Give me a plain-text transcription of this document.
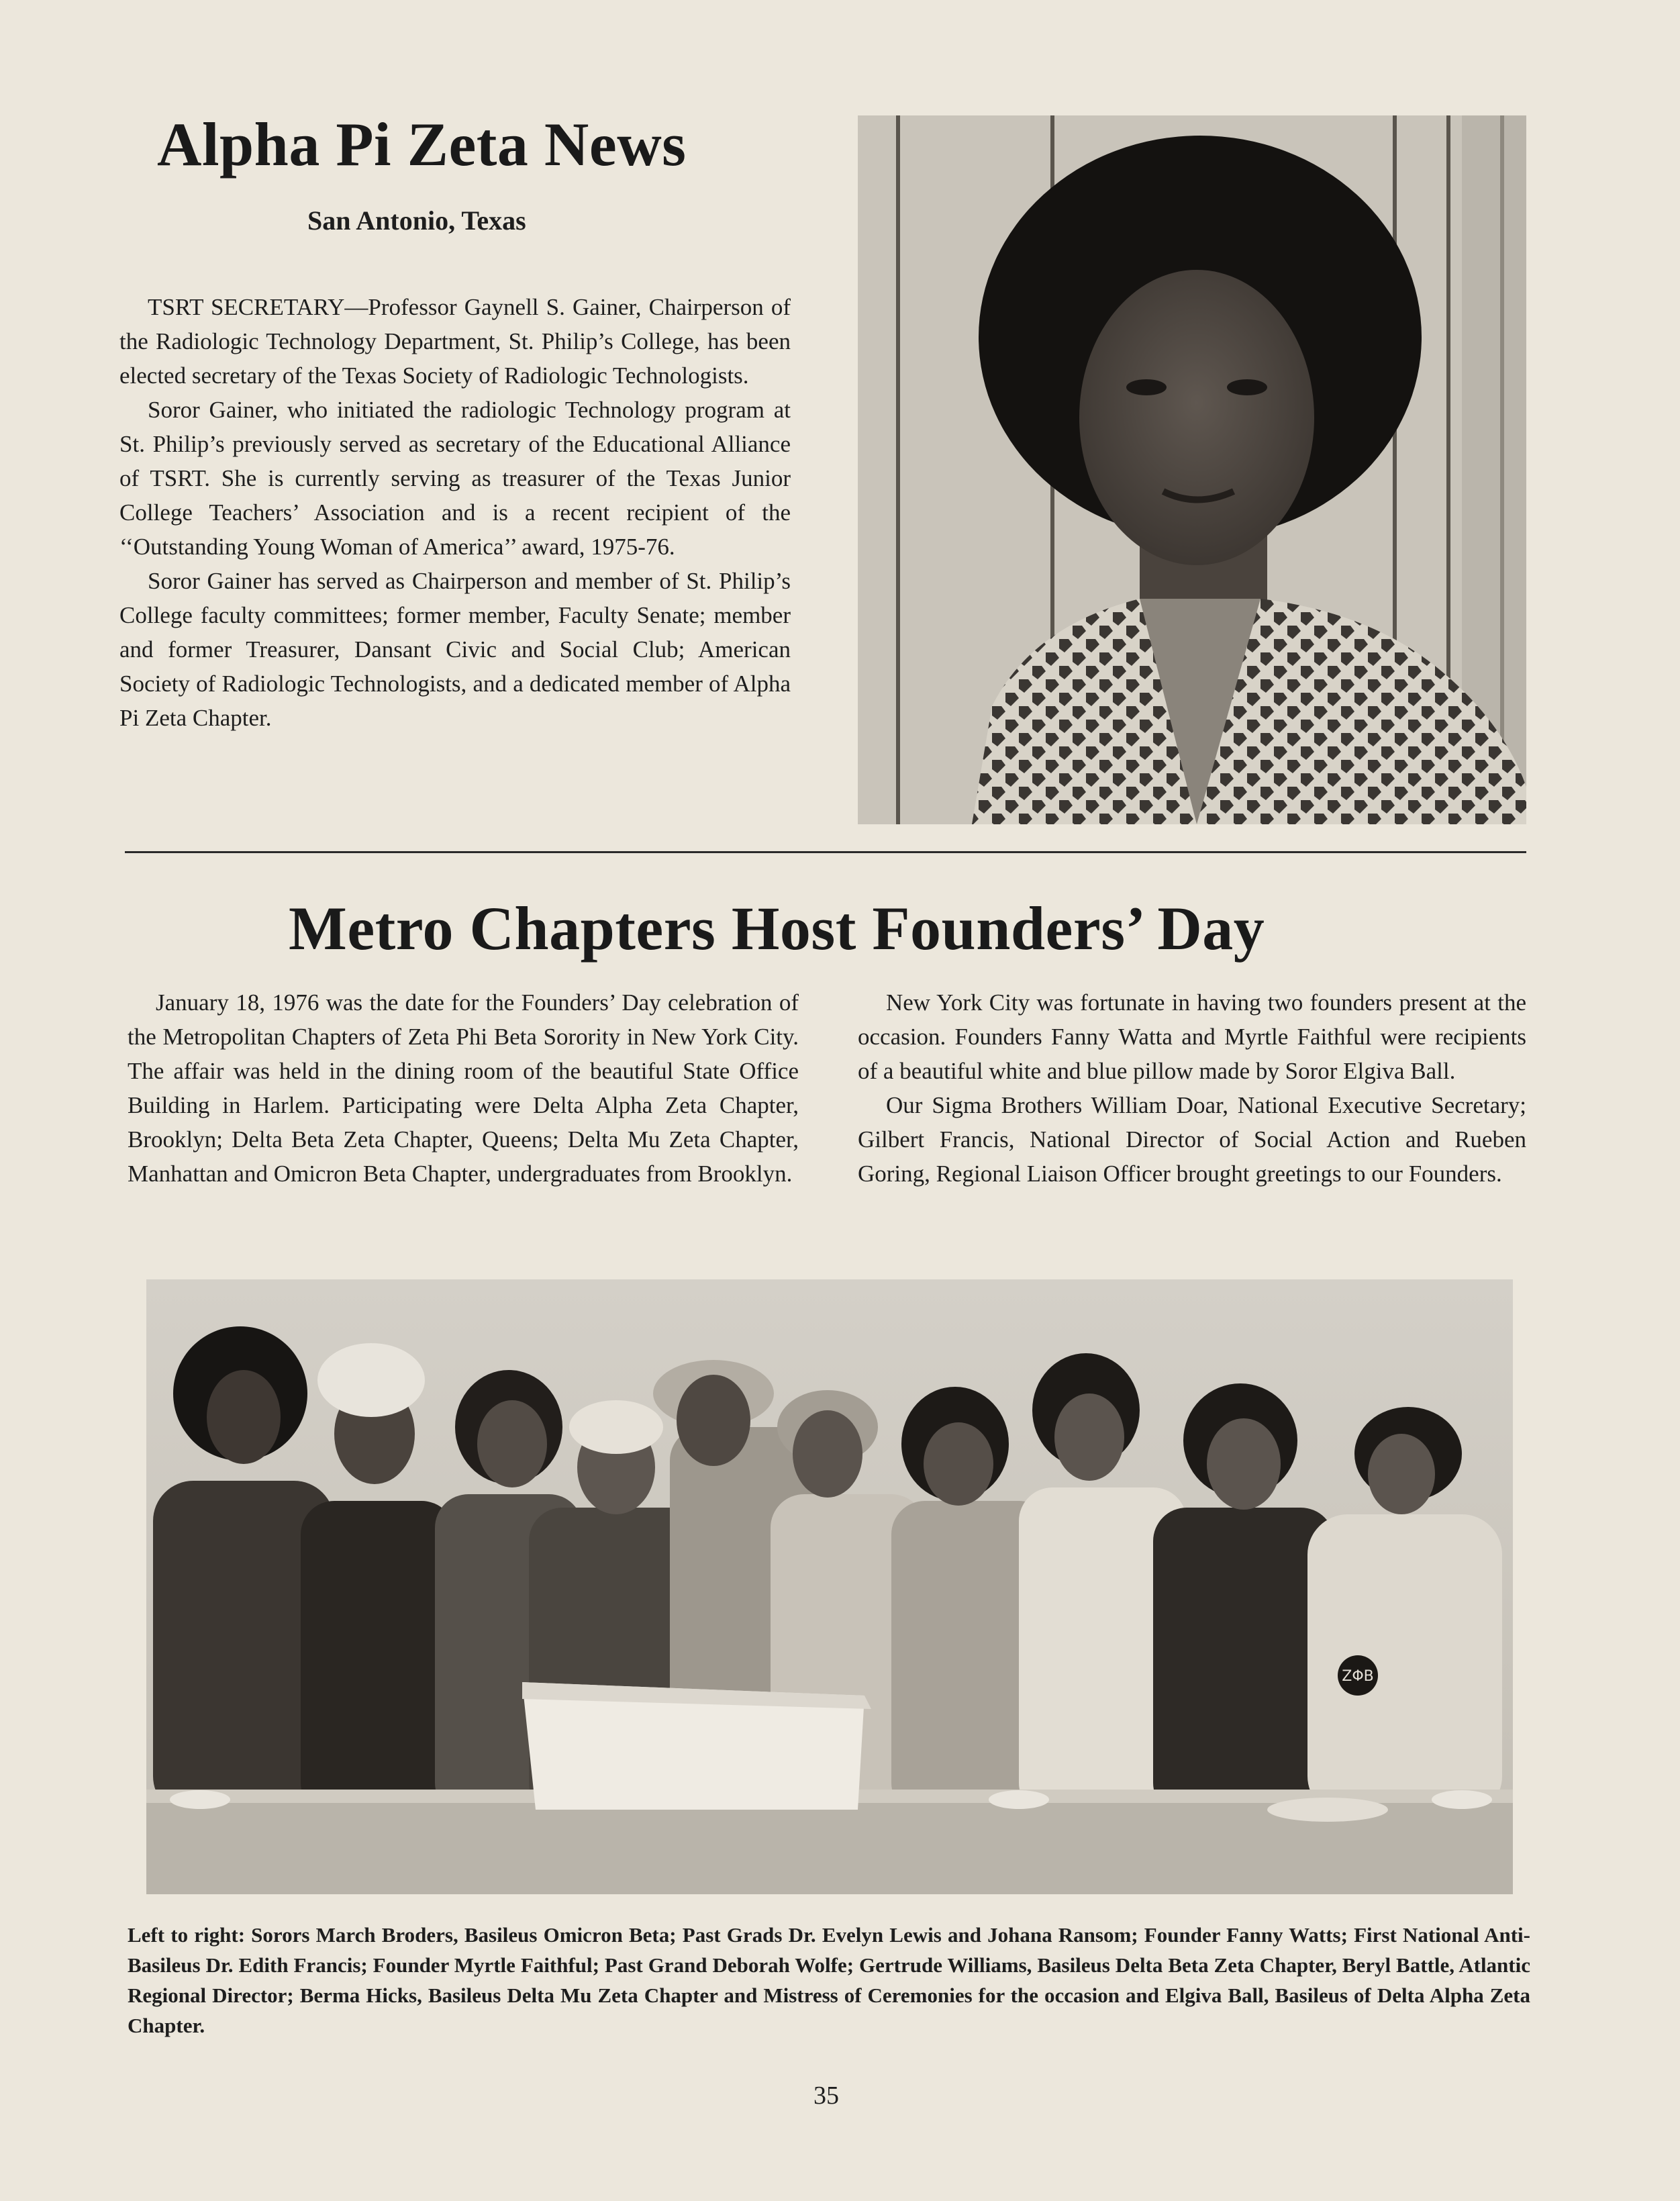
Alpha Pi Zeta News
San Antonio, Texas

TSRT SECRETARY—Professor Gaynell S. Gainer, Chairperson of the Radiologic Technology Department, St. Philip’s College, has been elected secretary of the Texas Society of Radiologic Technologists.

Soror Gainer, who initiated the radiologic Technology program at St. Philip’s previously served as secretary of the Educational Alliance of TSRT. She is currently serving as treasurer of the Texas Junior College Teachers’ Association and is a recent recipient of the ‘‘Outstanding Young Woman of America’’ award, 1975-76.

Soror Gainer has served as Chairperson and member of St. Philip’s College faculty committees; former member, Faculty Senate; member and former Treasurer, Dansant Civic and Social Club; American Society of Radiologic Technologists, and a dedicated member of Alpha Pi Zeta Chapter.

Metro Chapters Host Founders’ Day

January 18, 1976 was the date for the Founders’ Day celebration of the Metropolitan Chapters of Zeta Phi Beta Sorority in New York City. The affair was held in the dining room of the beautiful State Office Building in Harlem. Participating were Delta Alpha Zeta Chapter, Brooklyn; Delta Beta Zeta Chapter, Queens; Delta Mu Zeta Chapter, Manhattan and Omicron Beta Chapter, undergraduates from Brooklyn.

New York City was fortunate in having two founders present at the occasion. Founders Fanny Watta and Myrtle Faithful were recipients of a beautiful white and blue pillow made by Soror Elgiva Ball.

Our Sigma Brothers William Doar, National Executive Secretary; Gilbert Francis, National Director of Social Action and Rueben Goring, Regional Liaison Officer brought greetings to our Founders.

ZΦB
Left to right: Sorors March Broders, Basileus Omicron Beta; Past Grads Dr. Evelyn Lewis and Johana Ransom; Founder Fanny Watts; First National Anti-Basileus Dr. Edith Francis; Founder Myrtle Faithful; Past Grand Deborah Wolfe; Gertrude Williams, Basileus Delta Beta Zeta Chapter, Beryl Battle, Atlantic Regional Director; Berma Hicks, Basileus Delta Mu Zeta Chapter and Mistress of Ceremonies for the occasion and Elgiva Ball, Basileus of Delta Alpha Zeta Chapter.
35
